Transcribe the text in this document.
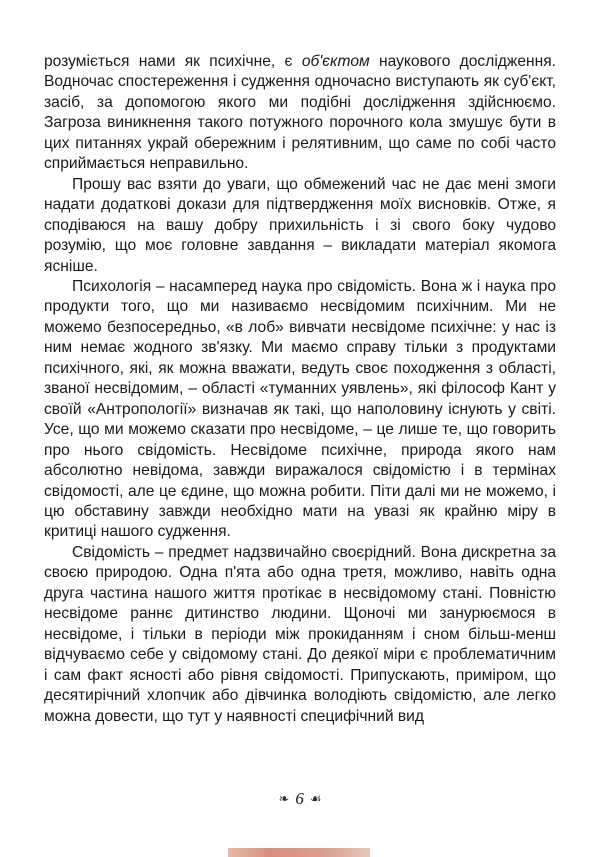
розуміється нами як психічне, є об'єктом наукового дослідження. Водночас спостереження і судження одночасно виступають як суб'єкт, засіб, за допомогою якого ми подібні дослідження здійснюємо. Загроза виникнення такого потужного порочного кола змушує бути в цих питаннях украй обережним і релятивним, що саме по собі часто сприймається неправильно.

Прошу вас взяти до уваги, що обмежений час не дає мені змоги надати додаткові докази для підтвердження моїх висновків. Отже, я сподіваюся на вашу добру прихильність і зі свого боку чудово розумію, що моє головне завдання – викладати матеріал якомога ясніше.

Психологія – насамперед наука про свідомість. Вона ж і наука про продукти того, що ми називаємо несвідомим психічним. Ми не можемо безпосередньо, «в лоб» вивчати несвідоме психічне: у нас із ним немає жодного зв'язку. Ми маємо справу тільки з продуктами психічного, які, як можна вважати, ведуть своє походження з області, званої несвідомим, – області «туманних уявлень», які філософ Кант у своїй «Антропології» визначав як такі, що наполовину існують у світі. Усе, що ми можемо сказати про несвідоме, – це лише те, що говорить про нього свідомість. Несвідоме психічне, природа якого нам абсолютно невідома, завжди виражалося свідомістю і в термінах свідомості, але це єдине, що можна робити. Піти далі ми не можемо, і цю обставину завжди необхідно мати на увазі як крайню міру в критиці нашого судження.

Свідомість – предмет надзвичайно своєрідний. Вона дискретна за своєю природою. Одна п'ята або одна третя, можливо, навіть одна друга частина нашого життя протікає в несвідомому стані. Повністю несвідоме раннє дитинство людини. Щоночі ми занурюємося в несвідоме, і тільки в періоди між прокиданням і сном більш-менш відчуваємо себе у свідомому стані. До деякої міри є проблематичним і сам факт ясності або рівня свідомості. Припускають, приміром, що десятирічний хлопчик або дівчинка володіють свідомістю, але легко можна довести, що тут у наявності специфічний вид

❧ 6 ☙
